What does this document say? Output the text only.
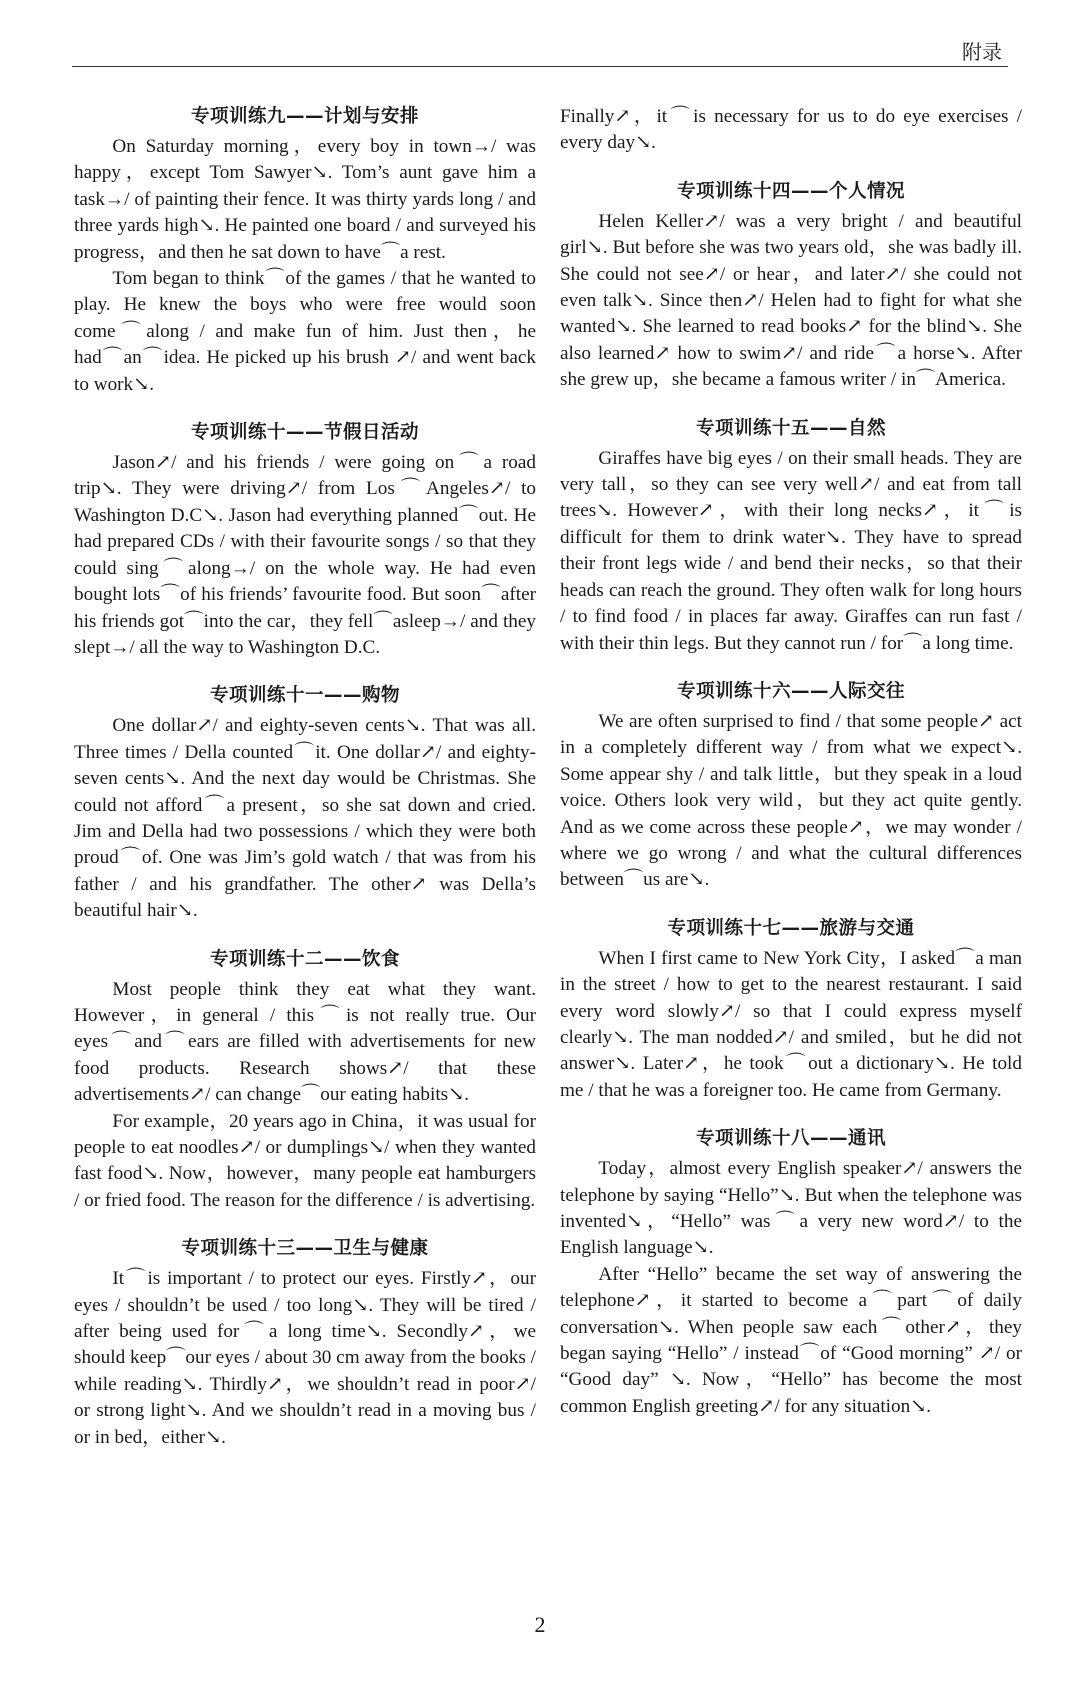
附录
专项训练九——计划与安排

On Saturday morning，every boy in town→/ was happy，except Tom Sawyer↘. Tom’s aunt gave him a task→/ of painting their fence. It was thirty yards long / and three yards high↘. He painted one board / and surveyed his progress，and then he sat down to have⌒a rest.

Tom began to think⌒of the games / that he wanted to play. He knew the boys who were free would soon come⌒along / and make fun of him. Just then，he had⌒an⌒idea. He picked up his brush ↗/ and went back to work↘.

专项训练十——节假日活动

Jason↗/ and his friends / were going on⌒a road trip↘. They were driving↗/ from Los⌒Angeles↗/ to Washington D.C↘. Jason had everything planned⌒out. He had prepared CDs / with their favourite songs / so that they could sing⌒along→/ on the whole way. He had even bought lots⌒of his friends’ favourite food. But soon⌒after his friends got⌒into the car，they fell⌒asleep→/ and they slept→/ all the way to Washington D.C.

专项训练十一——购物

One dollar↗/ and eighty-seven cents↘. That was all. Three times / Della counted⌒it. One dollar↗/ and eighty-seven cents↘. And the next day would be Christmas. She could not afford⌒a present，so she sat down and cried. Jim and Della had two possessions / which they were both proud⌒of. One was Jim’s gold watch / that was from his father / and his grandfather. The other↗ was Della’s beautiful hair↘.

专项训练十二——饮食

Most people think they eat what they want. However，in general / this⌒is not really true. Our eyes⌒and⌒ears are filled with advertisements for new food products. Research shows↗/ that these advertisements↗/ can change⌒our eating habits↘.

For example，20 years ago in China，it was usual for people to eat noodles↗/ or dumplings↘/ when they wanted fast food↘. Now，however，many people eat hamburgers / or fried food. The reason for the difference / is advertising.

专项训练十三——卫生与健康

It⌒is important / to protect our eyes. Firstly↗，our eyes / shouldn’t be used / too long↘. They will be tired / after being used for⌒a long time↘. Secondly↗，we should keep⌒our eyes / about 30 cm away from the books / while reading↘. Thirdly↗，we shouldn’t read in poor↗/ or strong light↘. And we shouldn’t read in a moving bus / or in bed，either↘.

Finally↗，it⌒is necessary for us to do eye exercises / every day↘.

专项训练十四——个人情况

Helen Keller↗/ was a very bright / and beautiful girl↘. But before she was two years old，she was badly ill. She could not see↗/ or hear，and later↗/ she could not even talk↘. Since then↗/ Helen had to fight for what she wanted↘. She learned to read books↗ for the blind↘. She also learned↗ how to swim↗/ and ride⌒a horse↘. After she grew up，she became a famous writer / in⌒America.

专项训练十五——自然

Giraffes have big eyes / on their small heads. They are very tall，so they can see very well↗/ and eat from tall trees↘. However↗，with their long necks↗，it⌒is difficult for them to drink water↘. They have to spread their front legs wide / and bend their necks，so that their heads can reach the ground. They often walk for long hours / to find food / in places far away. Giraffes can run fast / with their thin legs. But they cannot run / for⌒a long time.

专项训练十六——人际交往

We are often surprised to find / that some people↗ act in a completely different way / from what we expect↘. Some appear shy / and talk little，but they speak in a loud voice. Others look very wild，but they act quite gently. And as we come across these people↗，we may wonder / where we go wrong / and what the cultural differences between⌒us are↘.

专项训练十七——旅游与交通

When I first came to New York City，I asked⌒a man in the street / how to get to the nearest restaurant. I said every word slowly↗/ so that I could express myself clearly↘. The man nodded↗/ and smiled，but he did not answer↘. Later↗，he took⌒out a dictionary↘. He told me / that he was a foreigner too. He came from Germany.

专项训练十八——通讯

Today，almost every English speaker↗/ answers the telephone by saying “Hello”↘. But when the telephone was invented↘，“Hello” was⌒a very new word↗/ to the English language↘.

After “Hello” became the set way of answering the telephone↗，it started to become a⌒part⌒of daily conversation↘. When people saw each⌒other↗，they began saying “Hello” / instead⌒of “Good morning” ↗/ or “Good day” ↘. Now，“Hello” has become the most common English greeting↗/ for any situation↘.

2
